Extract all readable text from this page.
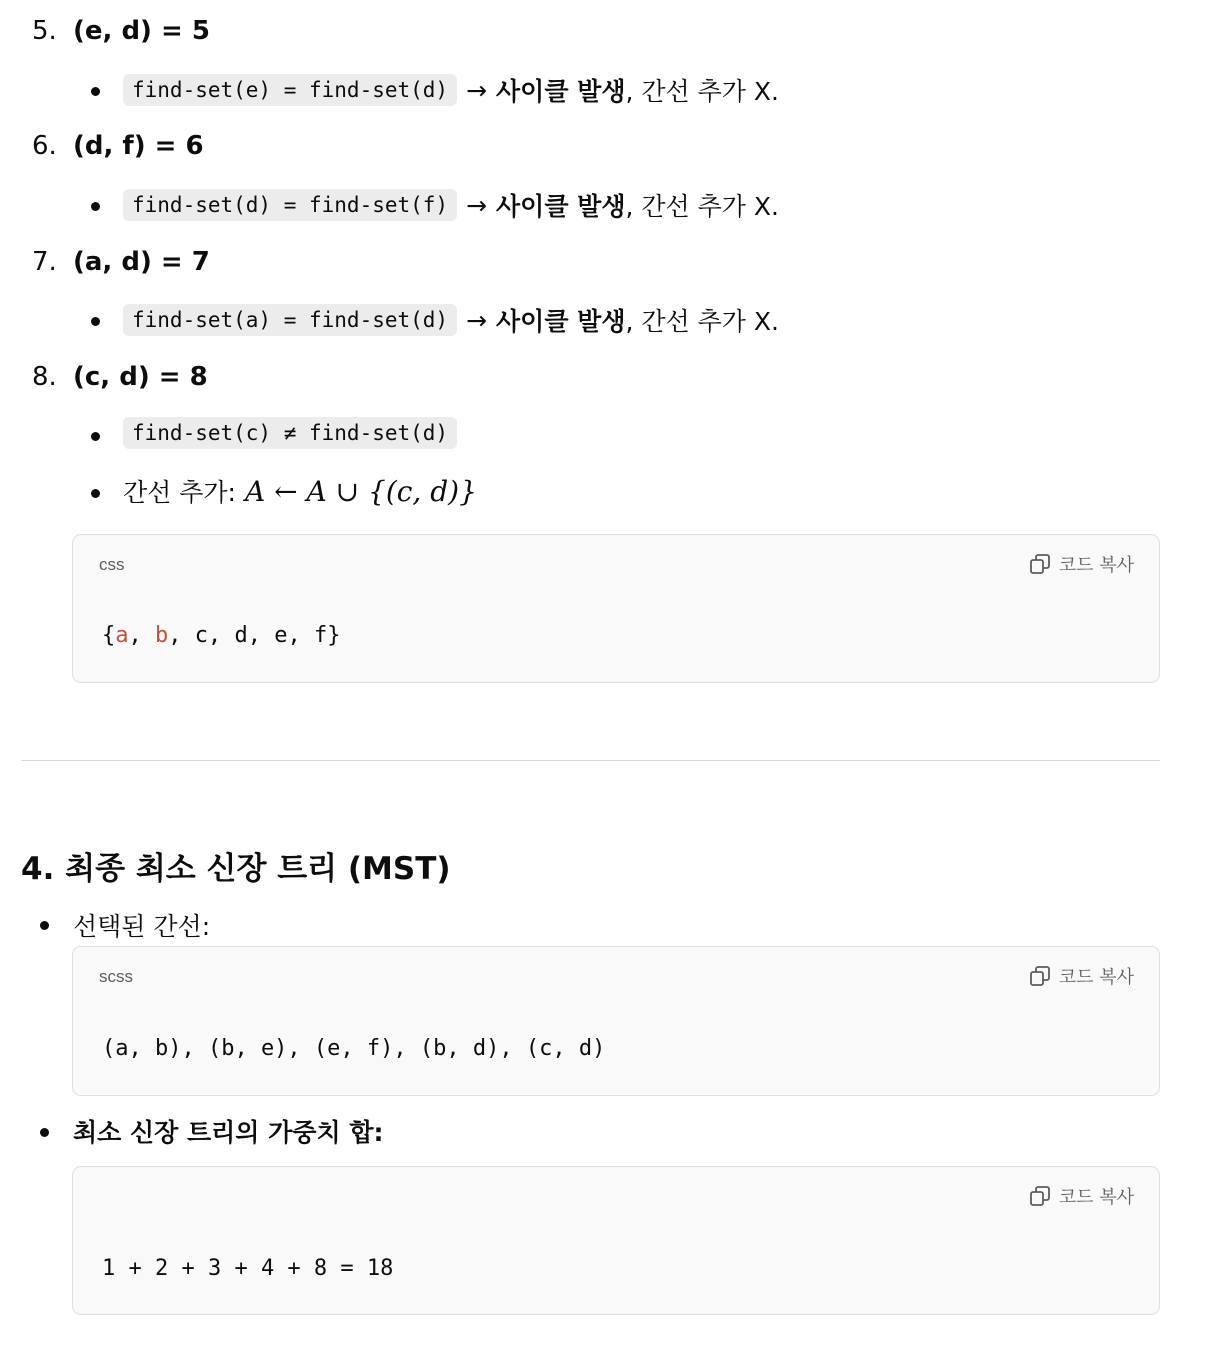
5. (e, d) = 5
find-set(e) = find-set(d) → 사이클 발생 , 간선 추가 X.
6. (d, f) = 6
find-set(d) = find-set(f) → 사이클 발생 , 간선 추가 X.
7. (a, d) = 7
find-set(a) = find-set(d) → 사이클 발생 , 간선 추가 X.
8. (c, d) = 8
find-set(c) ≠ find-set(d)
간선 추가: A ← A ∪ {(c, d)}
css	코드 복사
{a, b, c, d, e, f}
4. 최종 최소 신장 트리 (MST)
선택된 간선:
scss	코드 복사
(a, b), (b, e), (e, f), (b, d), (c, d)
최소 신장 트리의 가중치 합:
코드 복사
1 + 2 + 3 + 4 + 8 = 18
